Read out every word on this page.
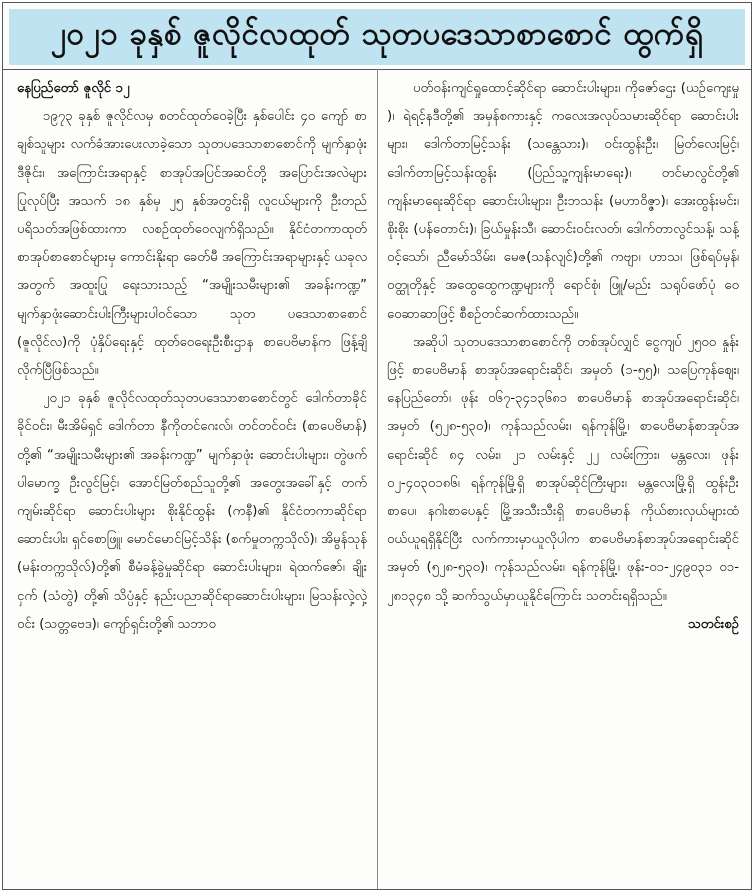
၂၀၂၁ ခုနှစ် ဇူလိုင်လထုတ် သုတပဒေသာစာစောင် ထွက်ရှိ
နေပြည်တော် ဇူလိုင် ၁၂

၁၉၇၃ ခုနှစ် ဇူလိုင်လမှ စတင်ထုတ်ဝေခဲ့ပြီး နှစ်ပေါင်း ၄၀ ကျော် စာချစ်သူများ လက်ခံအားပေးလာခဲ့သော သုတပဒေသာစာစောင်ကို မျက်နှာဖုံးဒီဇိုင်း၊ အကြောင်းအရာနှင့် စာအုပ်အပြင်အဆင်တို့ အပြောင်းအလဲများပြုလုပ်ပြီး အသက် ၁၈ နှစ်မှ ၂၅ နှစ်အတွင်းရှိ လူငယ်များကို ဦးတည်ပရိသတ်အဖြစ်ထားကာ လစဉ်ထုတ်ဝေလျက်ရှိသည်။ နိုင်ငံတကာထုတ် စာအုပ်စာစောင်များမှ ကောင်းနိုးရာ ခေတ်မီ အကြောင်းအရာများနှင့် ယခုလအတွက် အထူးပြု ရေးသားသည့် “အမျိုးသမီးများ၏ အခန်းကဏ္ဍ” မျက်နှာဖုံးဆောင်းပါးကြီးများပါဝင်သော သုတ ပဒေသာစာစောင် (ဇူလိုင်လ)ကို ပုံနှိပ်ရေးနှင့် ထုတ်ဝေရေးဦးစီးဌာန စာပေဗိမာန်က ဖြန့်ချိလိုက်ပြီဖြစ်သည်။

၂၀၂၁ ခုနှစ် ဇူလိုင်လထုတ်သုတပဒေသာစာစောင်တွင် ဒေါက်တာခိုင်ခိုင်ဝင်း၊ မီးအိမ်ရှင် ဒေါက်တာ နီကိုတင်ဂေးလ်၊ တင်တင်ဝင်း (စာပေဗိမာန်) တို့၏ “အမျိုးသမီးများ၏ အခန်းကဏ္ဍ” မျက်နှာဖုံး ဆောင်းပါးများ၊ တွဲဖက်ပါမောက္ခ ဦးလွင်မြင့်၊ အောင်မြတ်စည်သူတို့၏ အတွေးအခေါ်နှင့် တက်ကျမ်းဆိုင်ရာ ဆောင်းပါးများ စိုးနိုင်ထွန်း (ကနီ)၏ နိုင်ငံတကာဆိုင်ရာဆောင်းပါး၊ ရှင်စောဖြူ၊ မောင်မောင်မြင့်သိန်း (စက်မှုတက္ကသိုလ်)၊ အိမွန်သုန် (မန်းတက္ကသိုလ်)တို့၏ စီမံခန့်ခွဲမှုဆိုင်ရာ ဆောင်းပါးများ၊ ရဲထက်ဇော်၊ ချိုးငှက် (သံတွဲ) တို့၏ သိပ္ပံနှင့် နည်းပညာဆိုင်ရာဆောင်းပါးများ၊ မြသန်းလှဲ့လှဲ့ဝင်း (သတ္တဗေဒ)၊ ကျော်ရှင်းတို့၏ သဘာဝ

ပတ်ဝန်းကျင်ရှုထောင့်ဆိုင်ရာ ဆောင်းပါးများ၊ ကိုဇော်ဌေး (ယဉ်ကျေးမှု )၊ ရဲရင့်နဒီတို့၏ အမှန်စကားနှင့် ကလေးအလုပ်သမားဆိုင်ရာ ဆောင်းပါးများ၊ ဒေါက်တာမြင့်သန်း (သန္တေသား)၊ ဝင်းထွန်းဦး၊ မြတ်လေးမြင့်၊ ဒေါက်တာမြင့်သန်းထွန်း (ပြည်သူ့ကျန်းမာရေး)၊ တင်မာလွင်တို့၏ ကျန်းမာရေးဆိုင်ရာ ဆောင်းပါးများ၊ ဦးဘသန်း (မဟာဝိဇ္ဇာ)၊ အေးထွန်းမင်း၊ စိုးစိုး (ပန်တောင်း)၊ ခြယ်မှုန်းသီ၊ ဆောင်းဝင်းလတ်၊ ဒေါက်တာလွင်သန့်၊ သန့်ဝင့်သော်၊ ညီမော်သိမ်း၊ မေဇ(သန်လျင်)တို့၏ ကဗျာ၊ ဟာသ၊ ဖြစ်ရပ်မှန်၊ ဝတ္ထုတိုနှင့် အထွေထွေကဏ္ဍများကို ရောင်စုံ၊ ဖြူ/မည်း သရုပ်ဖော်ပုံ ဝေဝေဆာဆာဖြင့် စီစဉ်တင်ဆက်ထားသည်။

အဆိုပါ သုတပဒေသာစာစောင်ကို တစ်အုပ်လျှင် ငွေကျပ် ၂၅၀၀ နှုန်းဖြင့် စာပေဗိမာန် စာအုပ်အရောင်းဆိုင်၊ အမှတ် (၁-၅၅)၊ သပြေကုန်ဈေး၊ နေပြည်တော်၊ ဖုန်း ၀၆၇-၃၄၁၃၆၈၁ စာပေဗိမာန် စာအုပ်အရောင်းဆိုင်၊ အမှတ် (၅၂၈-၅၃၀)၊ ကုန်သည်လမ်း၊ ရန်ကုန်မြို့၊ စာပေဗိမာန်စာအုပ်အရောင်းဆိုင် ၈၄ လမ်း၊ ၂၁ လမ်းနှင့် ၂၂ လမ်းကြား၊ မန္တလေး၊ ဖုန်း ၀၂-၄၀၃၀၁၈၆၊ ရန်ကုန်မြို့ရှိ စာအုပ်ဆိုင်ကြီးများ၊ မန္တလေးမြို့ရှိ ထွန်းဦးစာပေ၊ နဂါးစာပေနှင့် မြို့အသီးသီးရှိ စာပေဗိမာန် ကိုယ်စားလှယ်များထံ ဝယ်ယူရရှိနိုင်ပြီး လက်ကားမှာယူလိုပါက စာပေဗိမာန်စာအုပ်အရောင်းဆိုင် အမှတ် (၅၂၈-၅၃၀)၊ ကုန်သည်လမ်း၊ ရန်ကုန်မြို့၊ ဖုန်း-၀၁-၂၄၉၀၃၁ ၀၁- ၂၈၁၃၄၈ သို့ ဆက်သွယ်မှာယူနိုင်ကြောင်း သတင်းရရှိသည်။
သတင်းစဉ်
